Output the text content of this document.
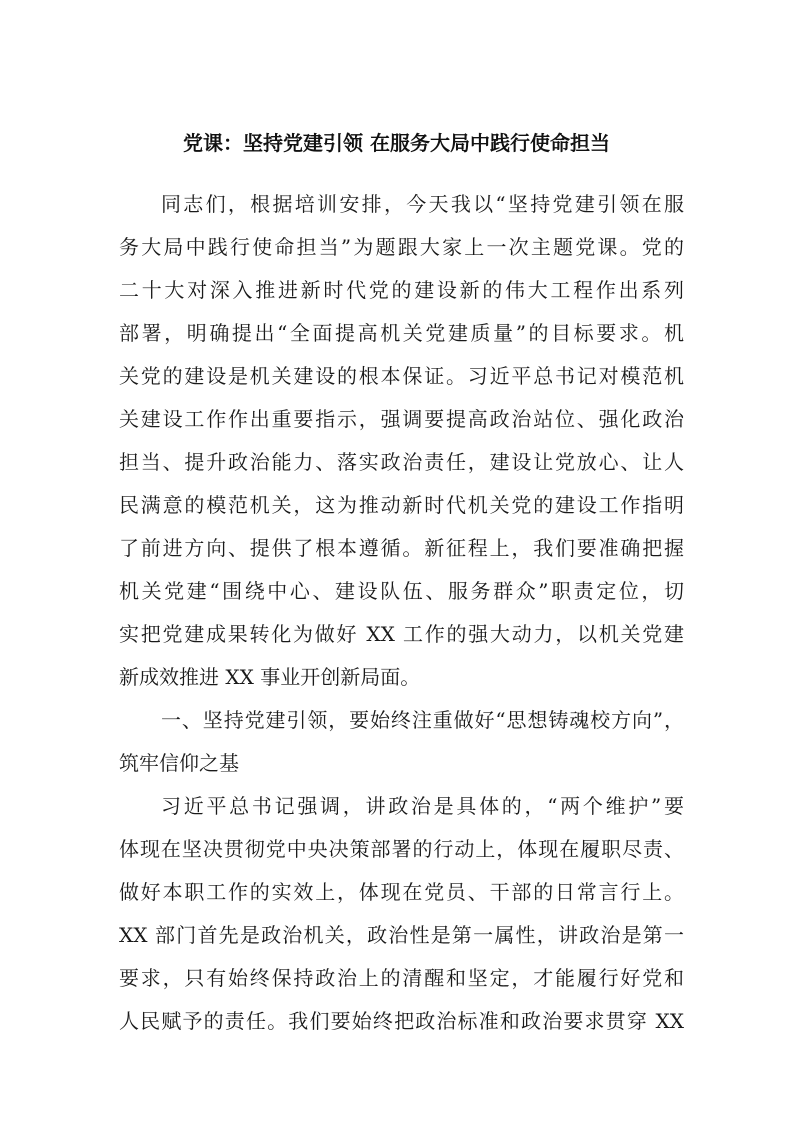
党课：坚持党建引领 在服务大局中践行使命担当

同志们，根据培训安排，今天我以“坚持党建引领在服

务大局中践行使命担当”为题跟大家上一次主题党课。党的

二十大对深入推进新时代党的建设新的伟大工程作出系列

部署，明确提出“全面提高机关党建质量”的目标要求。机

关党的建设是机关建设的根本保证。习近平总书记对模范机

关建设工作作出重要指示，强调要提高政治站位、强化政治

担当、提升政治能力、落实政治责任，建设让党放心、让人

民满意的模范机关，这为推动新时代机关党的建设工作指明

了前进方向、提供了根本遵循。新征程上，我们要准确把握

机关党建“围绕中心、建设队伍、服务群众”职责定位，切

实把党建成果转化为做好 XX 工作的强大动力，以机关党建

新成效推进 XX 事业开创新局面。

一、坚持党建引领，要始终注重做好“思想铸魂校方向”，

筑牢信仰之基

习近平总书记强调，讲政治是具体的，“两个维护”要

体现在坚决贯彻党中央决策部署的行动上，体现在履职尽责、

做好本职工作的实效上，体现在党员、干部的日常言行上。

XX 部门首先是政治机关，政治性是第一属性，讲政治是第一

要求，只有始终保持政治上的清醒和坚定，才能履行好党和

人民赋予的责任。我们要始终把政治标准和政治要求贯穿 XX
